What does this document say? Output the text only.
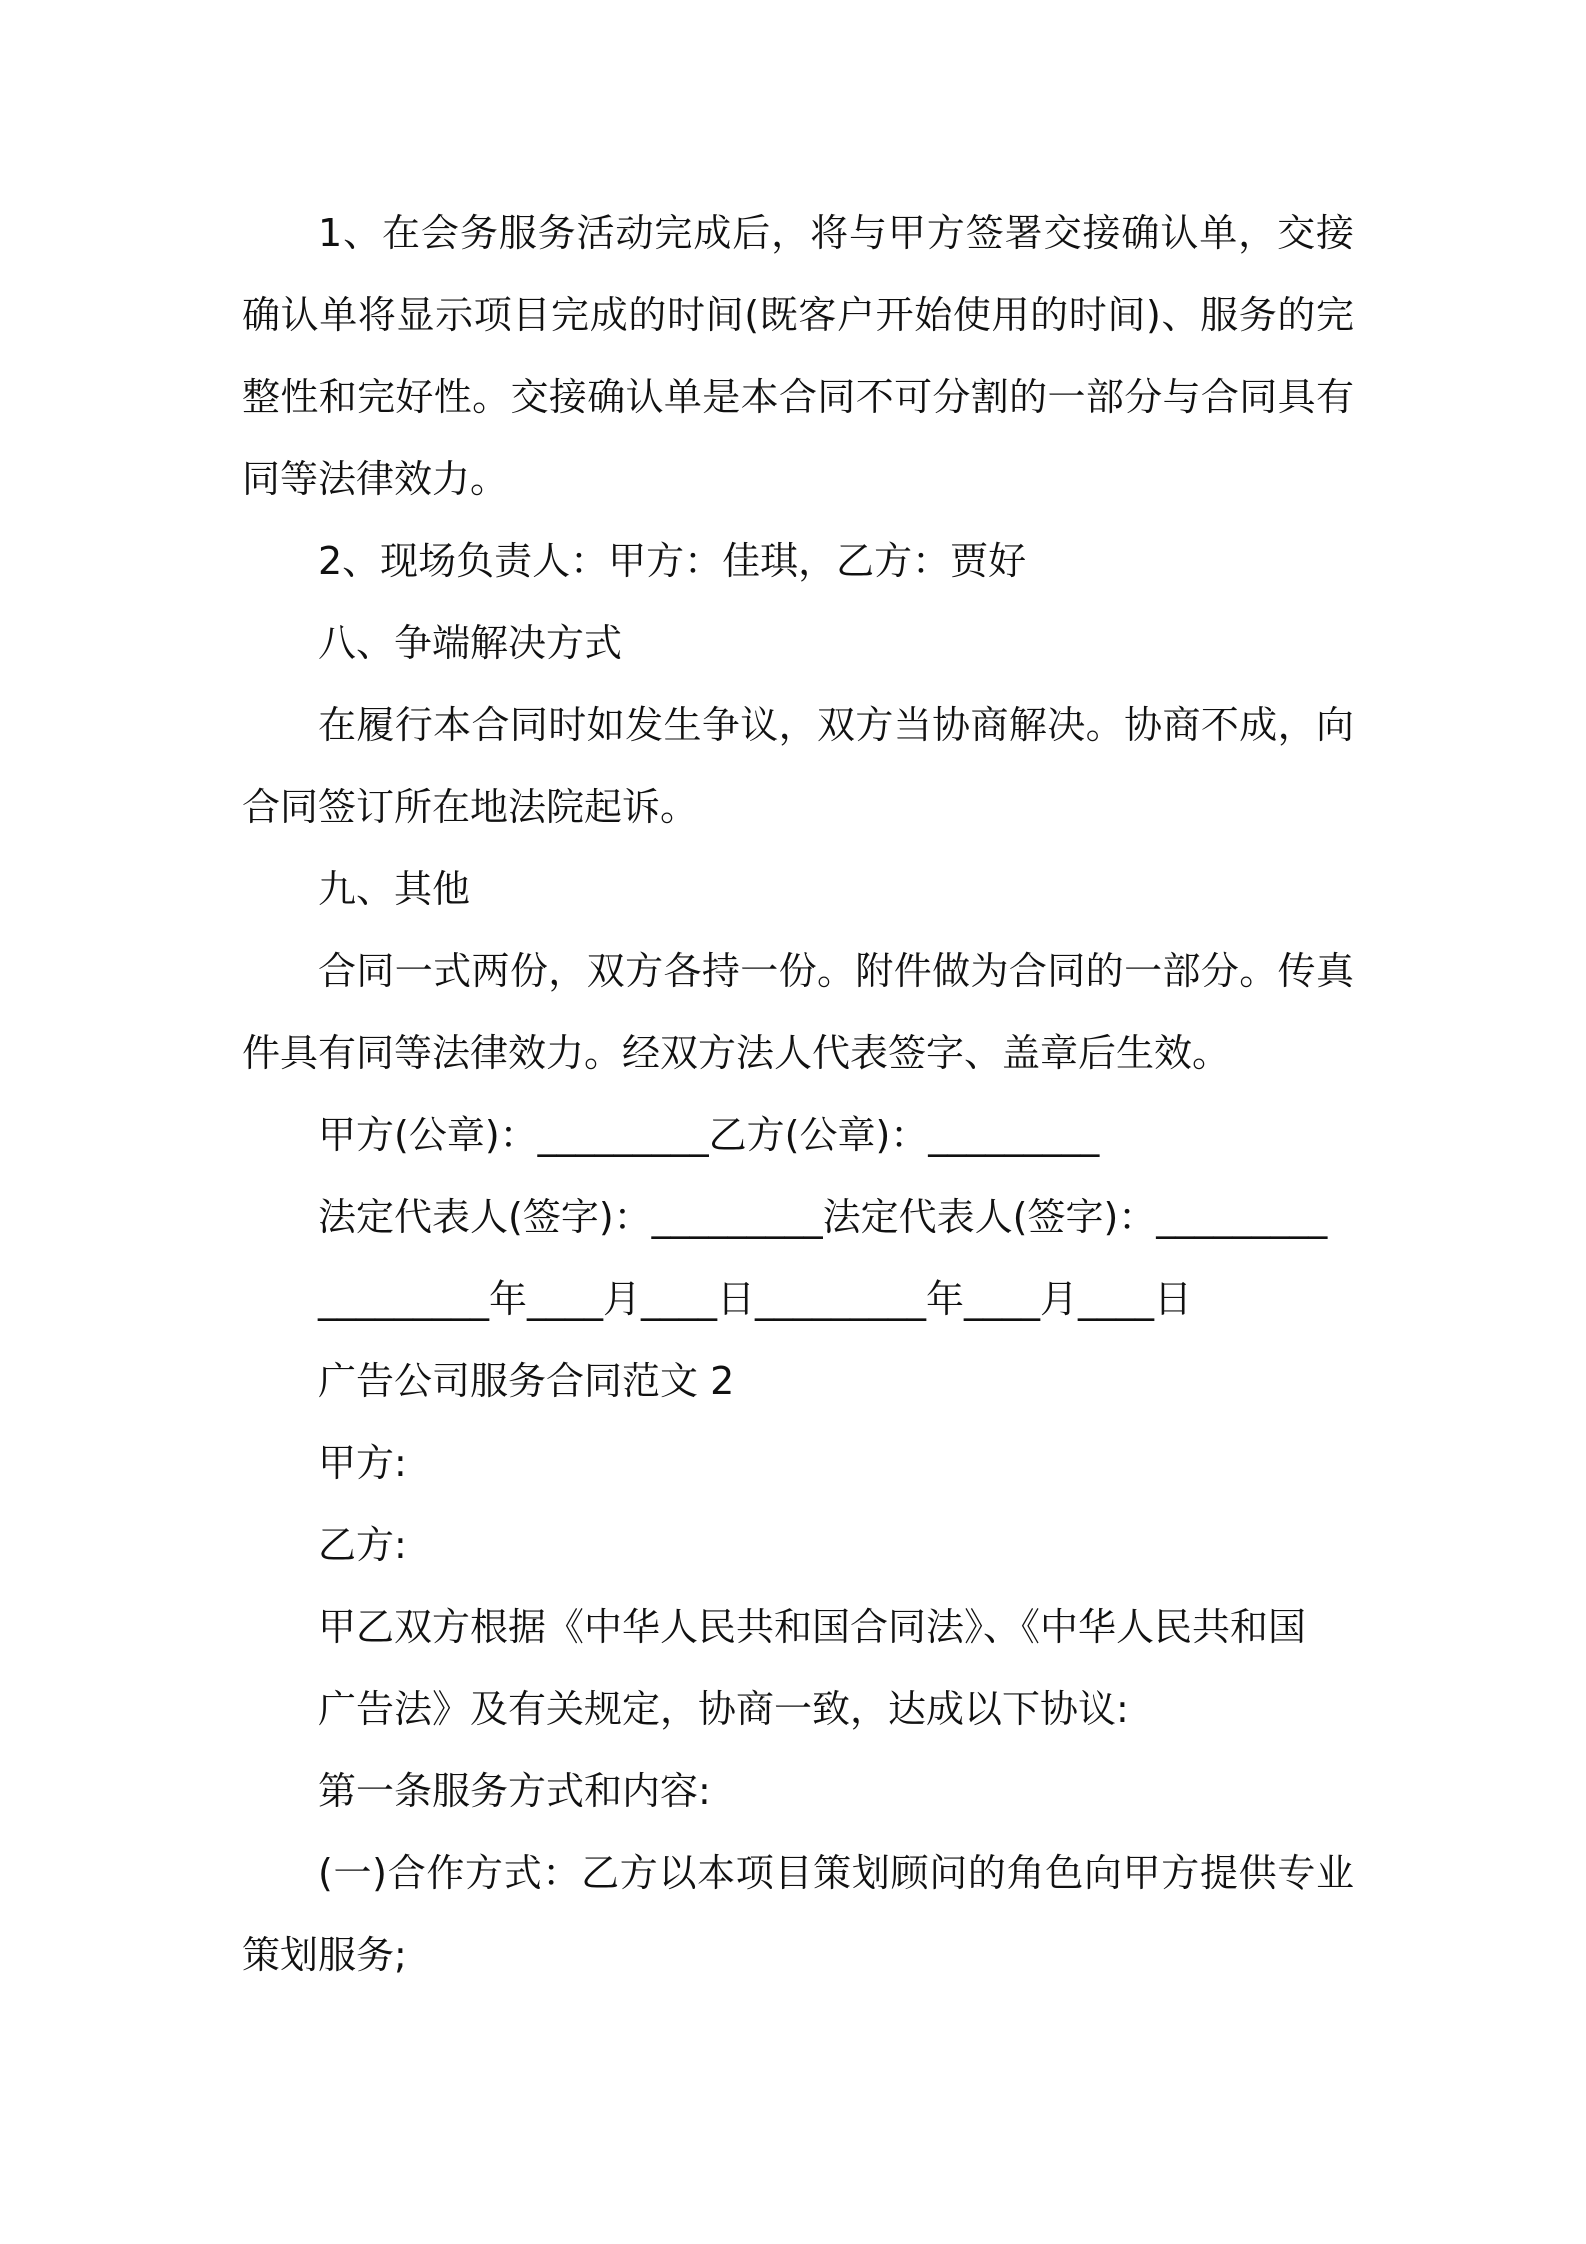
1、在会务服务活动完成后，将与甲方签署交接确认单，交接确认单将显示项目完成的时间(既客户开始使用的时间)、服务的完整性和完好性。交接确认单是本合同不可分割的一部分与合同具有同等法律效力。

2、现场负责人：甲方：佳琪，乙方：贾好

八、争端解决方式

在履行本合同时如发生争议，双方当协商解决。协商不成，向合同签订所在地法院起诉。

九、其他

合同一式两份，双方各持一份。附件做为合同的一部分。传真件具有同等法律效力。经双方法人代表签字、盖章后生效。

甲方(公章)：_________乙方(公章)：_________

法定代表人(签字)：_________法定代表人(签字)：_________

_________年____月____日_________年____月____日

广告公司服务合同范文 2

甲方:

乙方:

甲乙双方根据《中华人民共和国合同法》、《中华人民共和国

广告法》及有关规定，协商一致，达成以下协议:

第一条服务方式和内容:

(一)合作方式：乙方以本项目策划顾问的角色向甲方提供专业策划服务;
